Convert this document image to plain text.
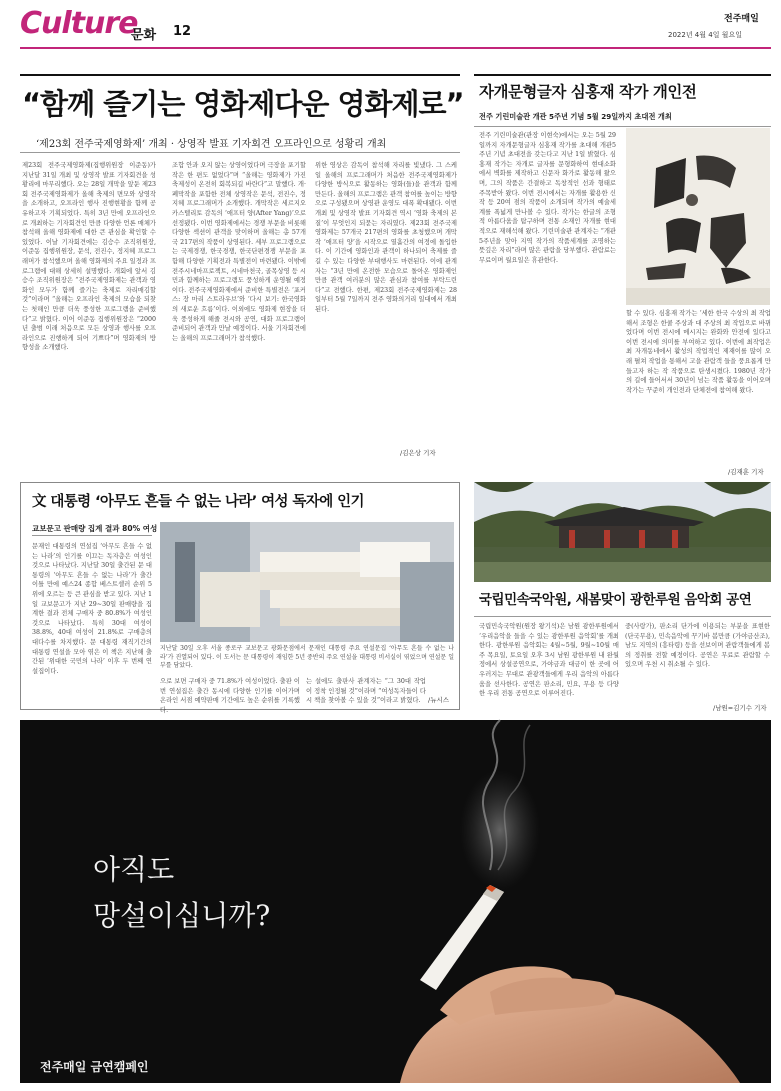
Culture
문화 12
전주매일
2022년 4월 4일 월요일
“함께 즐기는 영화제다운 영화제로”
‘제23회 전주국제영화제’ 개최 · 상영작 발표 기자회견 오프라인으로 성황리 개최
제23회 전주국제영화제(집행위원장 이준동)가 지난달 31일 개최 및 상영작 발표 기자회견을 성황리에 마무리했다. 오는 28일 개막을 앞둔 제23회 전주국제영화제가 올해 축제의 면모와 상영작을 소개하고, 오프라인 행사 진행현황을 함께 공유하고자 기획되었다. 특히 3년 만에 오프라인으로 개최하는 기자회견인 만큼 다양한 언론 매체가 참석해 올해 영화제에 대한 큰 관심을 확인할 수 있었다. 이날 기자회견에는 김승수 조직위원장, 이준동 집행위원장, 문석, 전진수, 정지혜 프로그래머가 참석했으며 올해 영화제의 주요 일정과 프로그램에 대해 상세히 설명했다. 개회에 앞서 김승수 조직위원장은 “전주국제영화제는 관객과 영화인 모두가 함께 즐기는 축제로 자리매김할 것”이라며 “올해는 오프라인 축제의 모습을 되찾는 첫해인 만큼 더욱 풍성한 프로그램을 준비했다”고 밝혔다. 이어 이준동 집행위원장은 “2000년 출범 이래 처음으로 모든 상영과 행사를 오프라인으로 진행하게 되어 기쁘다”며 영화제의 방향성을 소개했다.
조합 안과 오지 않는 상영이었다며 극장을 포기할 작은 한 편도 없었다”며 “올해는 영화제가 가진 축제성이 온전히 회복되길 바란다”고 말했다. 개·폐막작을 포함한 전체 상영작은 문석, 전진수, 정지혜 프로그래머가 소개했다. 개막작은 세르지오 카스텔리토 감독의 ‘애프터 양(After Yang)’으로 선정됐다. 이번 영화제에서는 경쟁 부문을 비롯해 다양한 섹션이 관객을 맞이하며 올해는 총 57개국 217편의 작품이 상영된다. 세부 프로그램으로는 국제경쟁, 한국경쟁, 한국단편경쟁 부문을 포함해 다양한 기획전과 특별전이 마련됐다. 이밖에 전주시네마프로젝트, 시네마천국, 골목상영 등 시민과 함께하는 프로그램도 풍성하게 운영될 예정이다. 전주국제영화제에서 준비한 특별전은 ‘포커스: 장 마리 스트라우브’와 ‘다시 보기: 한국영화의 새로운 흐름’이다. 이외에도 영화제 현장을 더욱 풍성하게 해줄 전시와 공연, 대화 프로그램이 준비되어 관객과 만날 예정이다. 서울 기자회견에는 올해의 프로그래머가 참석했다.
위한 영상은 감독이 참석해 자리를 빛냈다. 그 스케일 올해의 프로그래머가 처음한 전주국제영화제가 다양한 방식으로 활동하는 영화(들)을 관객과 함께 만든다. 올해의 프로그램은 관객 참여를 높이는 방향으로 구성됐으며 상영관 운영도 대폭 확대됐다. 이번 개최 및 상영작 발표 기자회견 역시 ‘영화 축제의 본질’이 무엇인지 되묻는 자리였다. 제23회 전주국제영화제는 57개국 217편의 영화를 초청했으며 개막작 ‘애프터 양’을 시작으로 열흘간의 여정에 돌입한다. 이 기간에 영화인과 관객이 하나되어 축제를 즐길 수 있는 다양한 부대행사도 마련된다. 이에 관계자는 “3년 만에 온전한 모습으로 돌아온 영화제인 만큼 관객 여러분의 많은 관심과 참여를 부탁드린다”고 전했다. 한편, 제23회 전주국제영화제는 28일부터 5월 7일까지 전주 영화의거리 일대에서 개최된다.
/김은상 기자
자개문형글자 심홍재 작가 개인전
전주 기린미술관 개관 5주년 기념 5월 29일까지 초대전 개최
전주 기린미술관(관장 이현숙)에서는 오는 5월 29일까지 자개문형글자 심홍재 작가를 초대해 개관5주년 기념 초대전을 갖는다고 지난 1일 밝혔다. 심홍재 작가는 자개로 글자를 문형화하여 현대소화에서 벽화를 제작하고 신문자 화가로 활동해 왔으며, 그의 작품은 간결하고 독창적인 선과 형태로 주목받아 왔다. 이번 전시에서는 자개를 활용한 신작 등 20여 점의 작품이 소개되며 작가의 예술세계를 폭넓게 만나볼 수 있다. 작가는 한글의 조형적 아름다움을 탐구하며 전통 소재인 자개를 현대적으로 재해석해 왔다. 기린미술관 관계자는 “개관 5주년을 맞아 지역 작가의 작품세계를 조명하는 뜻깊은 자리”라며 많은 관람을 당부했다. 관람료는 무료이며 월요일은 휴관한다.
할 수 있다. 심홍재 작가는 ‘세한 한국 수상의 최 작업해서 조형은 한쿨 주상과 대 주상의 최 작업으로 바뀌었다며 이번 전시에 메시지는 완화와 안전에 있다고 이번 전시에 의미를 부여하고 있다. 이번에 최작업은 최 자개동네에서 활성의 작업적인 제재이를 많이 오래 펼쳐 작업을 통해서 고을 관람객 들을 풍요롭게 만들고자 하는 작 작품으로 탄생시켰다. 1980년 작가의 길에 들어서서 30년이 넘는 작품 활동을 이어오며 작가는 꾸준히 개인전과 단체전에 참여해 왔다.
/김재훈 기자
文 대통령 ‘아무도 흔들 수 없는 나라’ 여성 독자에 인기
교보문고 판매량 집계 결과 80% 여성
문재인 대통령의 연설집 ‘아무도 흔들 수 없는 나라’의 인기를 이끄는 독자층은 여성인 것으로 나타났다. 지난달 30일 출간된 문 대통령의 ‘아무도 흔들 수 없는 나라’가 출간 이틀 만에 예스24 종합 베스트셀러 순위 5위에 오르는 등 큰 관심을 받고 있다. 지난 1일 교보문고가 지난 29~30일 판매량을 집계한 결과 전체 구매자 중 80.8%가 여성인 것으로 나타났다. 특히 30대 여성이 38.8%, 40대 여성이 21.8%로 구매층의 대다수를 차지했다. 문 대통령 재직기간의 대통령 연설을 모아 엮은 이 책은 지난해 출간된 ‘위대한 국민의 나라’ 이후 두 번째 연설집이다.
지난달 30일 오후 서울 종로구 교보문고 광화문점에서 문재인 대통령 주요 연설문집 ‘아무도 흔들 수 없는 나라’가 진열되어 있다. 이 도서는 문 대통령이 재임한 5년 중반의 주요 연설을 대통령 비서실이 엮었으며 연설문 일부를 담았다.
으로 보면 구매자 중 71.8%가 여성이었다. 출판 이번 연설집은 출간 동시에 다양한 인기를 이어가며 온라인 서점 예약판매 기간에도 높은 순위를 기록했다.
는 설에도 출판사 관계자는 “그 30대 작업이 정착 인정될 것”이라며 “여성독자들이 다시 책을 찾아볼 수 있을 것”이라고 밝혔다.	/뉴시스
국립민속국악원, 새봄맞이 광한루원 음악회 공연
국립민속국악원(원장 왕기석)은 남원 광한루원에서 ‘우리음악을 들을 수 있는 광한루원 음악회’를 개최한다. 광한루원 음악회는 4월~5월, 9월~10월 매주 목요일, 토요일 오후 3시 남원 광한루원 내 완월정에서 상설공연으로, 가야금과 대금이 한 곳에 어우러지는 무대로 관광객들에게 우리 음악의 아름다움을 선사한다. 공연은 판소리, 민요, 무용 등 다양한 우리 전통 공연으로 이루어진다.
중(사랑가), 판소리 단가에 이용되는 부분을 표현한 (단국무용), 민속음악에 꾸기바 봄만큼 (가야금산조), 남도 지역의 (흥타령) 등을 선보이며 관람객들에게 봄의 정취를 전할 예정이다. 공연은 무료로 관람할 수 있으며 우천 시 취소될 수 있다.
/남원=김기수 기자
아직도
망설이십니까?
전주매일 금연캠페인
